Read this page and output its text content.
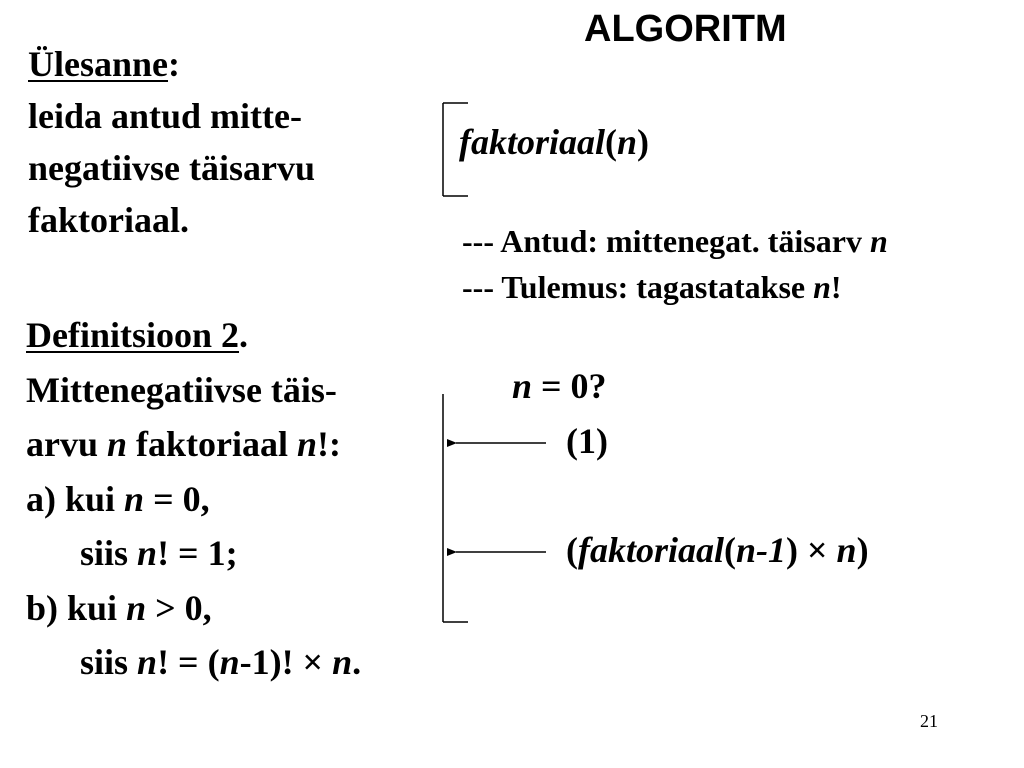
ALGORITM
Ülesanne:
leida antud mitte-
negatiivse täisarvu
faktoriaal.
Definitsioon 2.
Mittenegatiivse täis-
arvu n faktoriaal n!:
a) kui n = 0,
siis n! = 1;
b) kui n > 0,
siis n! = (n-1)! × n.
faktoriaal(n)
--- Antud: mittenegat. täisarv n
--- Tulemus: tagastatakse n!
n = 0?
(1)
(faktoriaal(n-1) × n)
21
